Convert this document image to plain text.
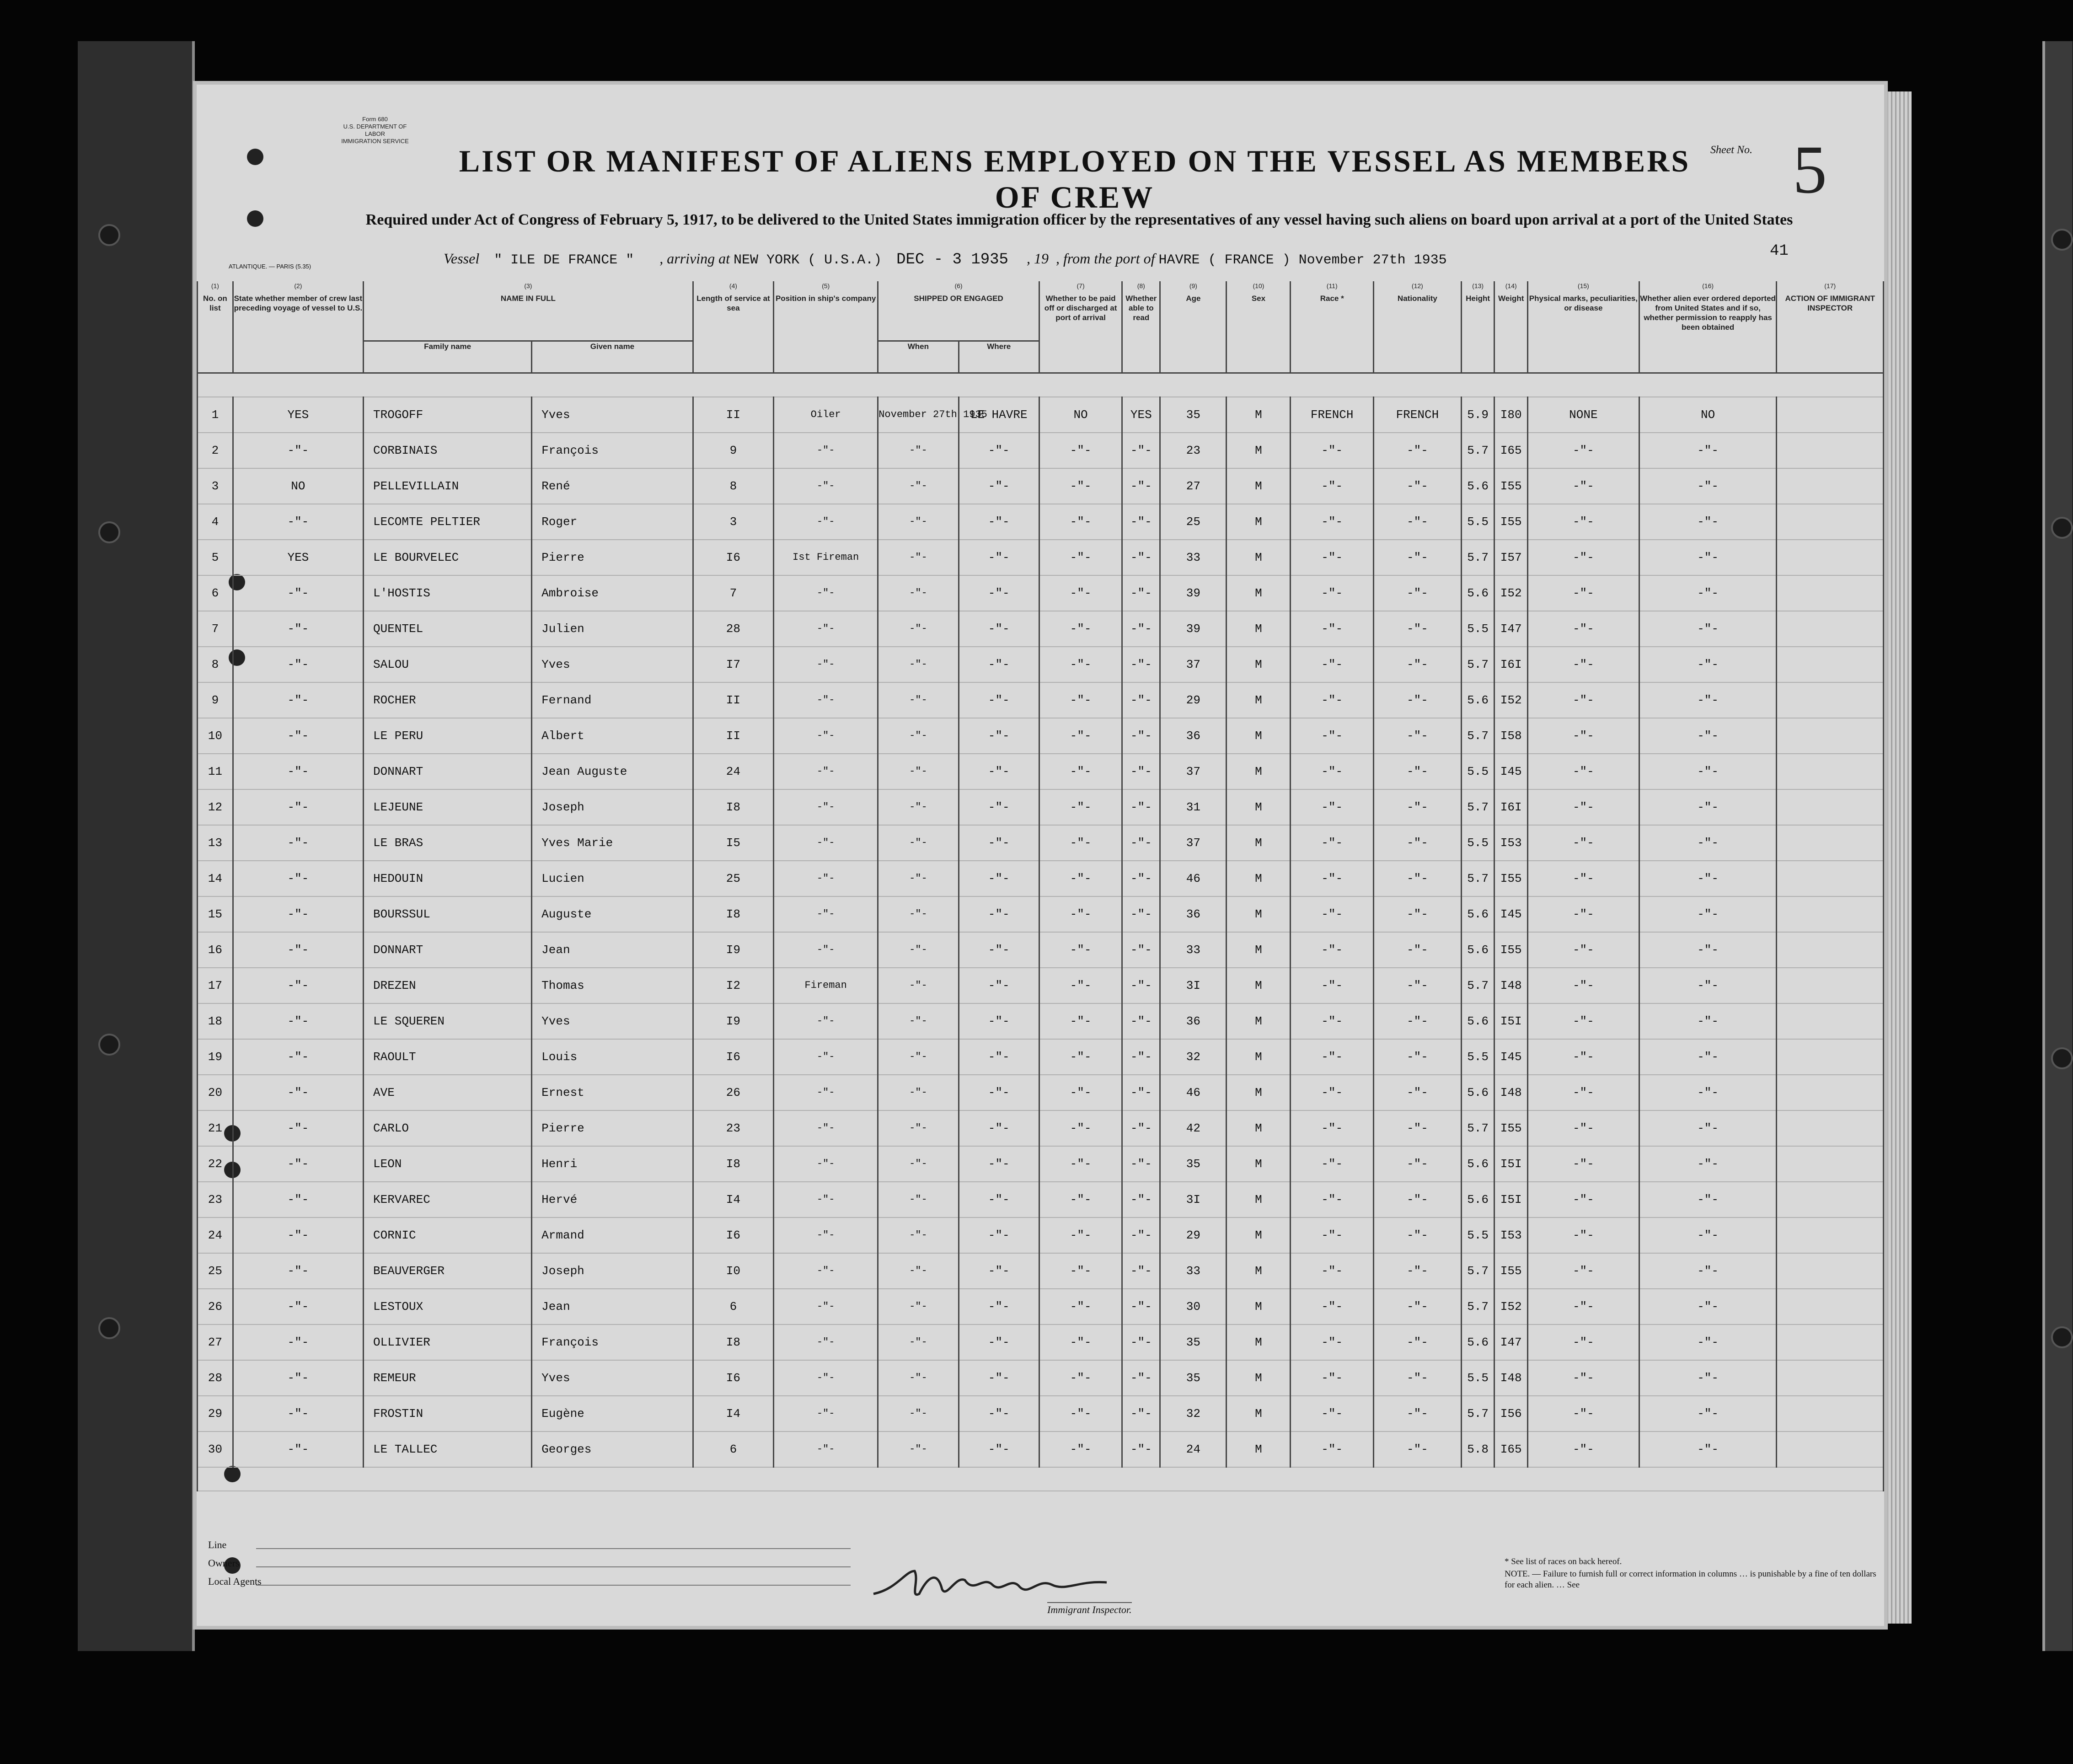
Form 680
U.S. DEPARTMENT OF LABOR
IMMIGRATION SERVICE
LIST OR MANIFEST OF ALIENS EMPLOYED ON THE VESSEL AS MEMBERS OF CREW
Sheet No. 5
Required under Act of Congress of February 5, 1917, to be delivered to the United States immigration officer by the representatives of any vessel having such aliens on board upon arrival at a port of the United States
ATLANTIQUE. — PARIS (5.35)	Vessel " ILE DE FRANCE " , arriving at NEW YORK ( U.S.A.) DEC - 3 1935 , 19 , from the port of HAVRE ( FRANCE ) November 27th 1935
41
(1)
No. on list	(2)
State whether member of crew last preceding voyage of vessel to U.S.	(3)
NAME IN FULL		(4)
Length of service at sea	(5)
Position in ship's company	(6)
SHIPPED OR ENGAGED		(7)
Whether to be paid off or discharged at port of arrival	(8)
Whether able to read	(9)
Age	(10)
Sex	(11)
Race *	(12)
Nationality	(13)
Height	(14)
Weight	(15)
Physical marks, peculiarities, or disease	(16)
Whether alien ever ordered deported from United States and if so, whether permission to reapply has been obtained	(17)
ACTION OF IMMIGRANT INSPECTOR
		Family name	Given name			When	Where											

1	YES	TROGOFF	Yves	II	Oiler	November 27th 1935	LE HAVRE	NO	YES	35	M	FRENCH	FRENCH	5.9	I80	NONE	NO	
2	-"-	CORBINAIS	François	9	-"-	-"-	-"-	-"-	-"-	23	M	-"-	-"-	5.7	I65	-"-	-"-	
3	NO	PELLEVILLAIN	René	8	-"-	-"-	-"-	-"-	-"-	27	M	-"-	-"-	5.6	I55	-"-	-"-	
4	-"-	LECOMTE PELTIER	Roger	3	-"-	-"-	-"-	-"-	-"-	25	M	-"-	-"-	5.5	I55	-"-	-"-	
5	YES	LE BOURVELEC	Pierre	I6	Ist Fireman	-"-	-"-	-"-	-"-	33	M	-"-	-"-	5.7	I57	-"-	-"-	
6	-"-	L'HOSTIS	Ambroise	7	-"-	-"-	-"-	-"-	-"-	39	M	-"-	-"-	5.6	I52	-"-	-"-	
7	-"-	QUENTEL	Julien	28	-"-	-"-	-"-	-"-	-"-	39	M	-"-	-"-	5.5	I47	-"-	-"-	
8	-"-	SALOU	Yves	I7	-"-	-"-	-"-	-"-	-"-	37	M	-"-	-"-	5.7	I6I	-"-	-"-	
9	-"-	ROCHER	Fernand	II	-"-	-"-	-"-	-"-	-"-	29	M	-"-	-"-	5.6	I52	-"-	-"-	
10	-"-	LE PERU	Albert	II	-"-	-"-	-"-	-"-	-"-	36	M	-"-	-"-	5.7	I58	-"-	-"-	
11	-"-	DONNART	Jean Auguste	24	-"-	-"-	-"-	-"-	-"-	37	M	-"-	-"-	5.5	I45	-"-	-"-	
12	-"-	LEJEUNE	Joseph	I8	-"-	-"-	-"-	-"-	-"-	31	M	-"-	-"-	5.7	I6I	-"-	-"-	
13	-"-	LE BRAS	Yves Marie	I5	-"-	-"-	-"-	-"-	-"-	37	M	-"-	-"-	5.5	I53	-"-	-"-	
14	-"-	HEDOUIN	Lucien	25	-"-	-"-	-"-	-"-	-"-	46	M	-"-	-"-	5.7	I55	-"-	-"-	
15	-"-	BOURSSUL	Auguste	I8	-"-	-"-	-"-	-"-	-"-	36	M	-"-	-"-	5.6	I45	-"-	-"-	
16	-"-	DONNART	Jean	I9	-"-	-"-	-"-	-"-	-"-	33	M	-"-	-"-	5.6	I55	-"-	-"-	
17	-"-	DREZEN	Thomas	I2	Fireman	-"-	-"-	-"-	-"-	3I	M	-"-	-"-	5.7	I48	-"-	-"-	
18	-"-	LE SQUEREN	Yves	I9	-"-	-"-	-"-	-"-	-"-	36	M	-"-	-"-	5.6	I5I	-"-	-"-	
19	-"-	RAOULT	Louis	I6	-"-	-"-	-"-	-"-	-"-	32	M	-"-	-"-	5.5	I45	-"-	-"-	
20	-"-	AVE	Ernest	26	-"-	-"-	-"-	-"-	-"-	46	M	-"-	-"-	5.6	I48	-"-	-"-	
21	-"-	CARLO	Pierre	23	-"-	-"-	-"-	-"-	-"-	42	M	-"-	-"-	5.7	I55	-"-	-"-	
22	-"-	LEON	Henri	I8	-"-	-"-	-"-	-"-	-"-	35	M	-"-	-"-	5.6	I5I	-"-	-"-	
23	-"-	KERVAREC	Hervé	I4	-"-	-"-	-"-	-"-	-"-	3I	M	-"-	-"-	5.6	I5I	-"-	-"-	
24	-"-	CORNIC	Armand	I6	-"-	-"-	-"-	-"-	-"-	29	M	-"-	-"-	5.5	I53	-"-	-"-	
25	-"-	BEAUVERGER	Joseph	I0	-"-	-"-	-"-	-"-	-"-	33	M	-"-	-"-	5.7	I55	-"-	-"-	
26	-"-	LESTOUX	Jean	6	-"-	-"-	-"-	-"-	-"-	30	M	-"-	-"-	5.7	I52	-"-	-"-	
27	-"-	OLLIVIER	François	I8	-"-	-"-	-"-	-"-	-"-	35	M	-"-	-"-	5.6	I47	-"-	-"-	
28	-"-	REMEUR	Yves	I6	-"-	-"-	-"-	-"-	-"-	35	M	-"-	-"-	5.5	I48	-"-	-"-	
29	-"-	FROSTIN	Eugène	I4	-"-	-"-	-"-	-"-	-"-	32	M	-"-	-"-	5.7	I56	-"-	-"-	
30	-"-	LE TALLEC	Georges	6	-"-	-"-	-"-	-"-	-"-	24	M	-"-	-"-	5.8	I65	-"-	-"-	

Line
Owners
Local Agents
Immigrant Inspector.
* See list of races on back hereof.
NOTE. — Failure to furnish full or correct information in columns … is punishable by a fine of ten dollars for each alien. … See
